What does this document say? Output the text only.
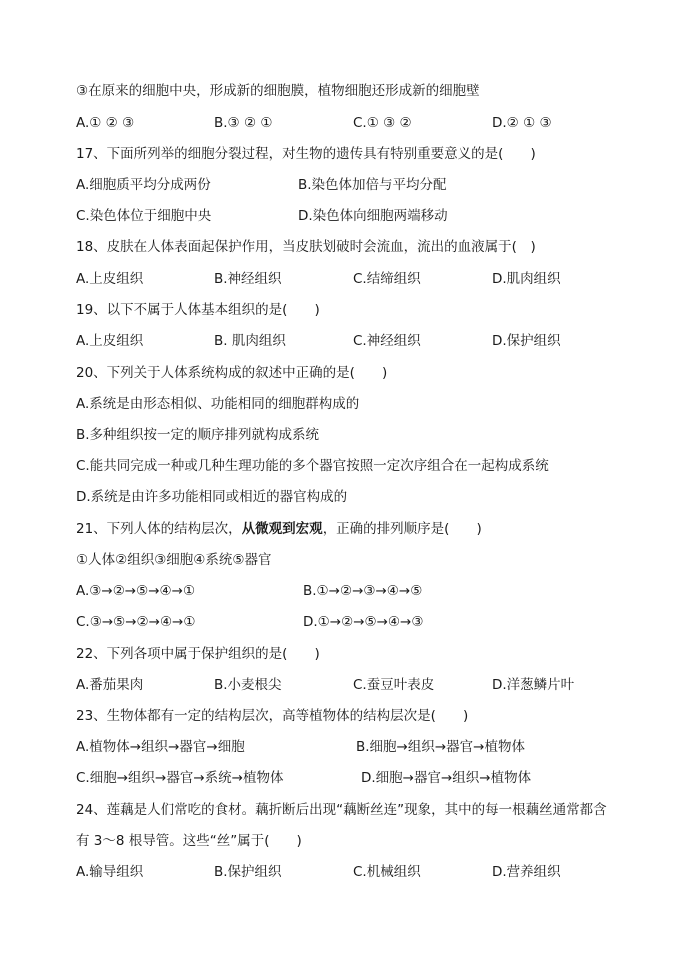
③在原来的细胞中央，形成新的细胞膜，植物细胞还形成新的细胞壁
A.① ② ③	B.③ ② ①	C.① ③ ②	D.② ① ③
17、下面所列举的细胞分裂过程，对生物的遗传具有特别重要意义的是(　　)
A.细胞质平均分成两份	B.染色体加倍与平均分配
C.染色体位于细胞中央	D.染色体向细胞两端移动
18、皮肤在人体表面起保护作用，当皮肤划破时会流血，流出的血液属于(　)
A.上皮组织	B.神经组织	C.结缔组织	D.肌肉组织
19、以下不属于人体基本组织的是(　　)
A.上皮组织	B. 肌肉组织	C.神经组织	D.保护组织
20、下列关于人体系统构成的叙述中正确的是(　　)
A.系统是由形态相似、功能相同的细胞群构成的
B.多种组织按一定的顺序排列就构成系统
C.能共同完成一种或几种生理功能的多个器官按照一定次序组合在一起构成系统
D.系统是由许多功能相同或相近的器官构成的
21、下列人体的结构层次，从微观到宏观，正确的排列顺序是(　　)
①人体②组织③细胞④系统⑤器官
A.③→②→⑤→④→①	B.①→②→③→④→⑤
C.③→⑤→②→④→①	D.①→②→⑤→④→③
22、下列各项中属于保护组织的是(　　)
A.番茄果肉	B.小麦根尖	C.蚕豆叶表皮	D.洋葱鳞片叶
23、生物体都有一定的结构层次，高等植物体的结构层次是(　　)
A.植物体→组织→器官→细胞	B.细胞→组织→器官→植物体
C.细胞→组织→器官→系统→植物体	D.细胞→器官→组织→植物体
24、莲藕是人们常吃的食材。藕折断后出现“藕断丝连”现象，其中的每一根藕丝通常都含
有 3～8 根导管。这些“丝”属于(　　)
A.输导组织	B.保护组织	C.机械组织	D.营养组织
